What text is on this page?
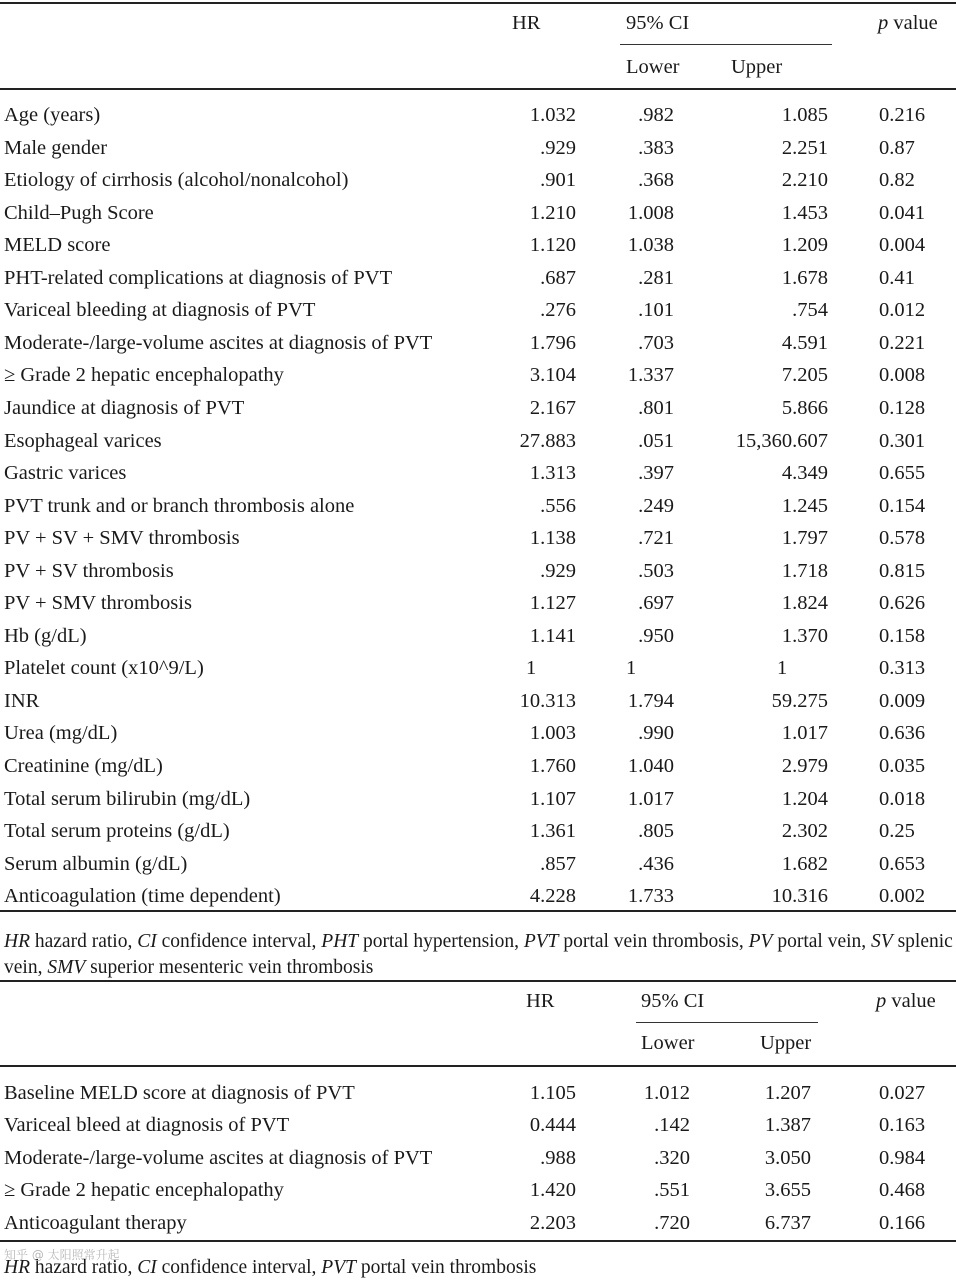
HR	95% CI	p value
Lower	Upper
Age (years)	1.032	.982	1.085 0.216
Male gender	.929	.383	2.251 0.87
Etiology of cirrhosis (alcohol/nonalcohol)	.901	.368	2.210 0.82
Child–Pugh Score	1.210	1.008	1.453 0.041
MELD score	1.120	1.038	1.209 0.004
PHT-related complications at diagnosis of PVT	.687	.281	1.678 0.41
Variceal bleeding at diagnosis of PVT	.276	.101	.754 0.012
Moderate-/large-volume ascites at diagnosis of PVT	1.796	.703	4.591 0.221
≥ Grade 2 hepatic encephalopathy	3.104	1.337	7.205 0.008
Jaundice at diagnosis of PVT	2.167	.801	5.866 0.128
Esophageal varices	27.883	.051	15,360.607 0.301
Gastric varices	1.313	.397	4.349 0.655
PVT trunk and or branch thrombosis alone	.556	.249	1.245 0.154
PV + SV + SMV thrombosis	1.138	.721	1.797 0.578
PV + SV thrombosis	.929	.503	1.718 0.815
PV + SMV thrombosis	1.127	.697	1.824 0.626
Hb (g/dL)	1.141	.950	1.370 0.158
Platelet count (x10^9/L)	1	1	1	0.313
INR	10.313	1.794	59.275 0.009
Urea (mg/dL)	1.003	.990	1.017 0.636
Creatinine (mg/dL)	1.760	1.040	2.979 0.035
Total serum bilirubin (mg/dL)	1.107	1.017	1.204 0.018
Total serum proteins (g/dL)	1.361	.805	2.302 0.25
Serum albumin (g/dL)	.857	.436	1.682 0.653
Anticoagulation (time dependent)	4.228	1.733	10.316 0.002
HR hazard ratio, CI confidence interval, PHT portal hypertension, PVT portal vein thrombosis, PV portal vein, SV splenic vein, SMV superior mesenteric vein thrombosis
HR	95% CI	p value
Lower	Upper
Baseline MELD score at diagnosis of PVT	1.105	1.012	1.207	0.027
Variceal bleed at diagnosis of PVT	0.444	.142	1.387	0.163
Moderate-/large-volume ascites at diagnosis of PVT	.988	.320	3.050	0.984
≥ Grade 2 hepatic encephalopathy	1.420	.551	3.655	0.468
Anticoagulant therapy	2.203	.720	6.737	0.166
HR hazard ratio, CI confidence interval, PVT portal vein thrombosis
知乎 @ 太阳照常升起
